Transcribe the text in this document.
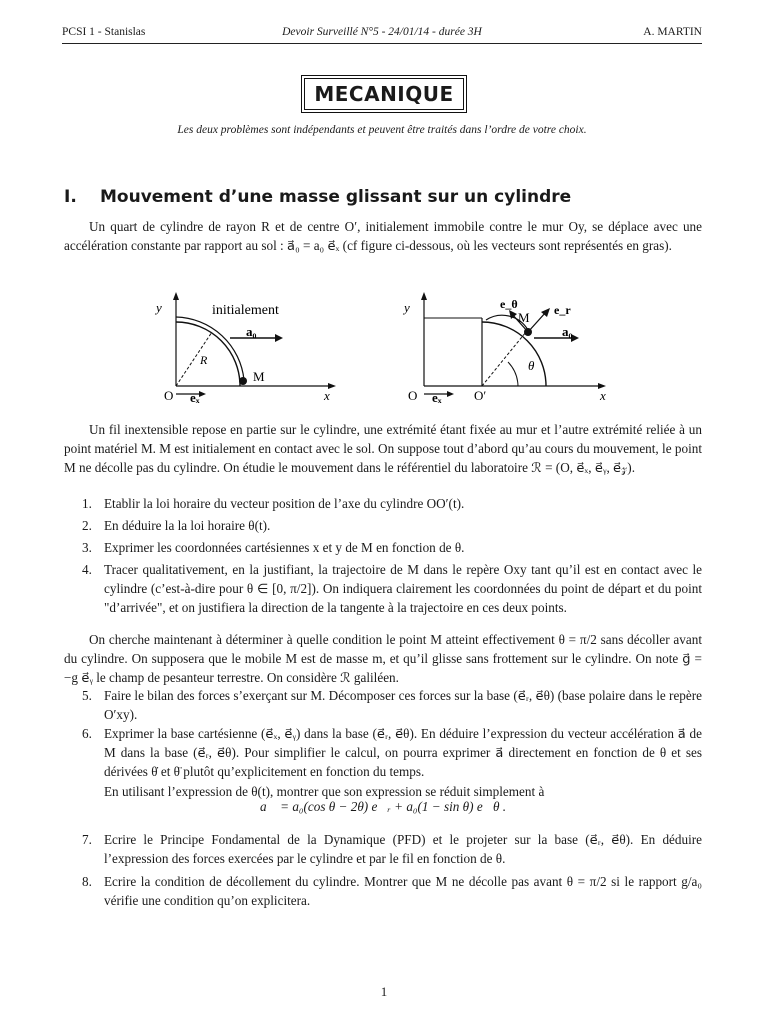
PCSI 1 - Stanislas	Devoir Surveillé N°5 - 24/01/14 - durée 3H	A. MARTIN
MECANIQUE
Les deux problèmes sont indépendants et peuvent être traités dans l’ordre de votre choix.
I. Mouvement d’une masse glissant sur un cylindre
Un quart de cylindre de rayon R et de centre O′, initialement immobile contre le mur Oy, se déplace avec une accélération constante par rapport au sol : a⃗₀ = a₀ e⃗ₓ (cf figure ci-dessous, où les vecteurs sont représentés en gras).
y	initialement
a₀
R
M
O eₓ	x
y	e_θ
M e_r
a₀
θ
O eₓ	O′	x
Un fil inextensible repose en partie sur le cylindre, une extrémité étant fixée au mur et l’autre extrémité reliée à un point matériel M. M est initialement en contact avec le sol. On suppose tout d’abord qu’au cours du mouvement, le point M ne décolle pas du cylindre. On étudie le mouvement dans le référentiel du laboratoire ℛ = (O, e⃗ₓ, e⃗ᵧ, e⃗𝓏).
1. Etablir la loi horaire du vecteur position de l’axe du cylindre OO′(t).
2. En déduire la la loi horaire θ(t).
3. Exprimer les coordonnées cartésiennes x et y de M en fonction de θ.
4. Tracer qualitativement, en la justifiant, la trajectoire de M dans le repère Oxy tant qu’il est en contact avec le cylindre (c’est-à-dire pour θ ∈ [0, π/2]). On indiquera clairement les coordonnées du point de départ et du point "d’arrivée", et on justifiera la direction de la tangente à la trajectoire en ces deux points.
On cherche maintenant à déterminer à quelle condition le point M atteint effectivement θ = π/2 sans décoller avant du cylindre. On supposera que le mobile M est de masse m, et qu’il glisse sans frottement sur le cylindre. On note g⃗ = −g e⃗ᵧ le champ de pesanteur terrestre. On considère ℛ galiléen.
5. Faire le bilan des forces s’exerçant sur M. Décomposer ces forces sur la base (e⃗ᵣ, e⃗θ) (base polaire dans le repère O′xy).
6. Exprimer la base cartésienne (e⃗ₓ, e⃗ᵧ) dans la base (e⃗ᵣ, e⃗θ). En déduire l’expression du vecteur accélération a⃗ de M dans la base (e⃗ᵣ, e⃗θ). Pour simplifier le calcul, on pourra exprimer a⃗ directement en fonction de θ et ses dérivées θ̇ et θ̈ plutôt qu’explicitement en fonction du temps.
En utilisant l’expression de θ(t), montrer que son expression se réduit simplement à
a⃗ = a₀(cos θ − 2θ) e⃗ᵣ + a₀(1 − sin θ) e⃗θ .
7. Ecrire le Principe Fondamental de la Dynamique (PFD) et le projeter sur la base (e⃗ᵣ, e⃗θ). En déduire l’expression des forces exercées par le cylindre et par le fil en fonction de θ.
8. Ecrire la condition de décollement du cylindre. Montrer que M ne décolle pas avant θ = π/2 si le rapport g/a₀ vérifie une condition qu’on explicitera.
1
